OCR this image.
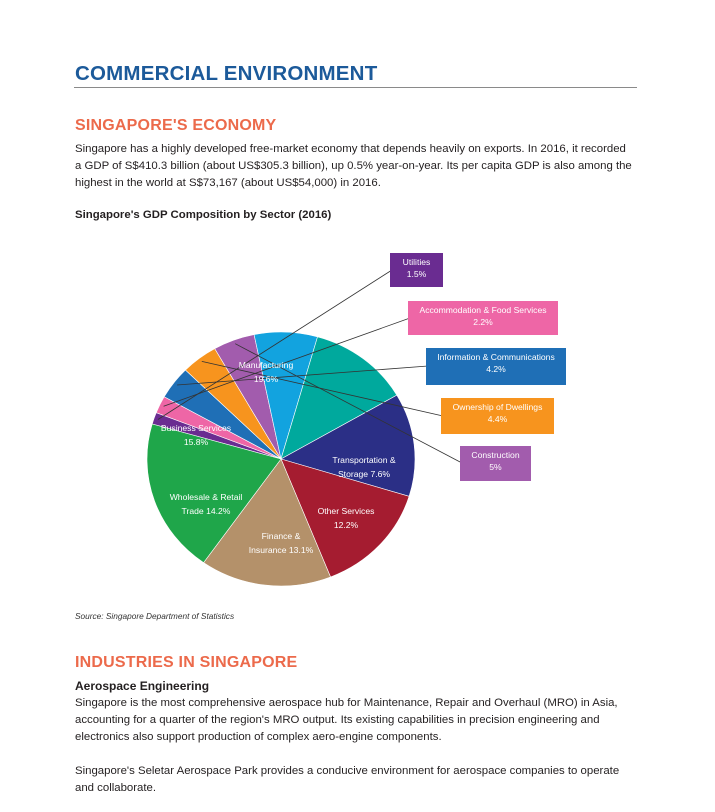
COMMERCIAL ENVIRONMENT
SINGAPORE'S ECONOMY
Singapore has a highly developed free-market economy that depends heavily on exports. In 2016, it recorded a GDP of S$410.3 billion (about US$305.3 billion), up 0.5% year-on-year. Its per capita GDP is also among the highest in the world at S$73,167 (about US$54,000) in 2016.
Singapore's GDP Composition by Sector (2016)
Utilities
1.5%
Accommodation & Food Services
2.2%
Information & Communications
4.2%
Ownership of Dwellings
4.4%
Construction
5%
Transportation &
Storage 7.6%
Other Services
12.2%
Finance &
Insurance 13.1%
Wholesale & Retail
Trade 14.2%
Business Services
15.8%
Manufacturing
19.6%
Source: Singapore Department of Statistics
INDUSTRIES IN SINGAPORE
Aerospace Engineering
Singapore is the most comprehensive aerospace hub for Maintenance, Repair and Overhaul (MRO) in Asia, accounting for a quarter of the region's MRO output. Its existing capabilities in precision engineering and electronics also support production of complex aero-engine components.
Singapore's Seletar Aerospace Park provides a conducive environment for aerospace companies to operate and collaborate.
